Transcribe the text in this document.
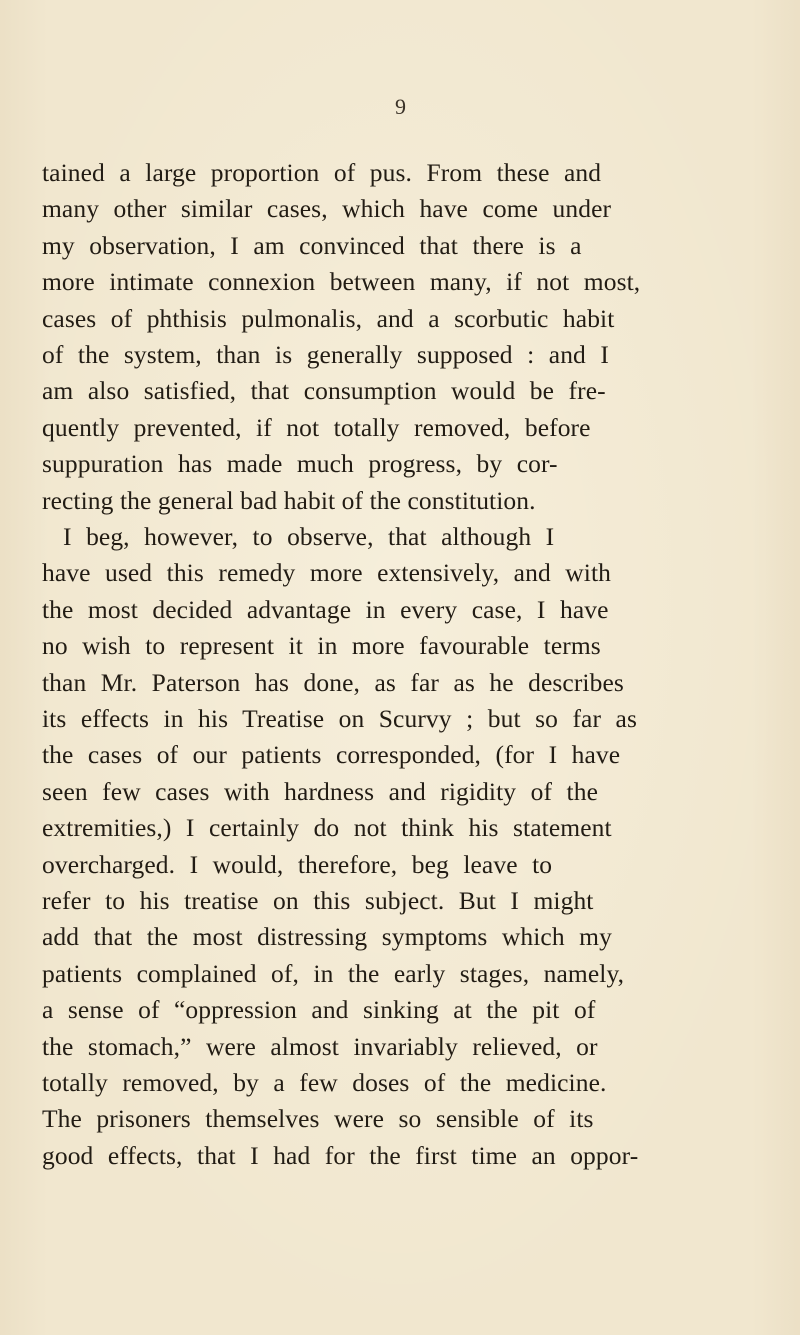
9
tained a large proportion of pus. From these and
many other similar cases, which have come under
my observation, I am convinced that there is a
more intimate connexion between many, if not most,
cases of phthisis pulmonalis, and a scorbutic habit
of the system, than is generally supposed : and I
am also satisfied, that consumption would be fre-
quently prevented, if not totally removed, before
suppuration has made much progress, by cor-
recting the general bad habit of the constitution.
I beg, however, to observe, that although I
have used this remedy more extensively, and with
the most decided advantage in every case, I have
no wish to represent it in more favourable terms
than Mr. Paterson has done, as far as he describes
its effects in his Treatise on Scurvy ; but so far as
the cases of our patients corresponded, (for I have
seen few cases with hardness and rigidity of the
extremities,) I certainly do not think his statement
overcharged. I would, therefore, beg leave to
refer to his treatise on this subject. But I might
add that the most distressing symptoms which my
patients complained of, in the early stages, namely,
a sense of “oppression and sinking at the pit of
the stomach,” were almost invariably relieved, or
totally removed, by a few doses of the medicine.
The prisoners themselves were so sensible of its
good effects, that I had for the first time an oppor-
